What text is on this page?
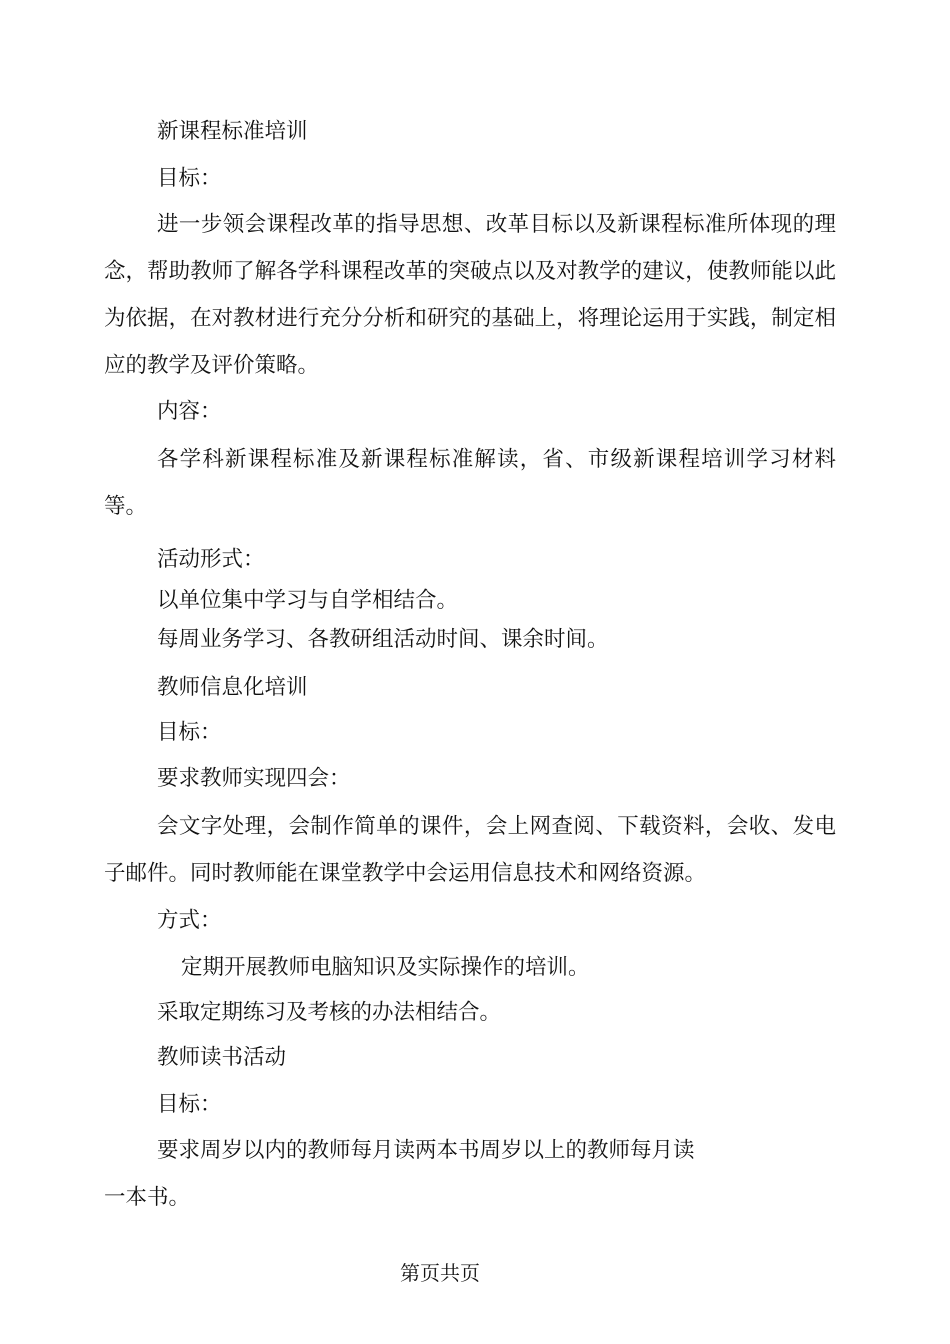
新课程标准培训

目标：

进一步领会课程改革的指导思想、改革目标以及新课程标准所体现的理念，帮助教师了解各学科课程改革的突破点以及对教学的建议，使教师能以此为依据，在对教材进行充分分析和研究的基础上，将理论运用于实践，制定相应的教学及评价策略。

内容：

各学科新课程标准及新课程标准解读，省、市级新课程培训学习材料等。

活动形式：

以单位集中学习与自学相结合。

每周业务学习、各教研组活动时间、课余时间。

教师信息化培训

目标：

要求教师实现四会：

会文字处理，会制作简单的课件，会上网查阅、下载资料，会收、发电子邮件。同时教师能在课堂教学中会运用信息技术和网络资源。

方式：

定期开展教师电脑知识及实际操作的培训。

采取定期练习及考核的办法相结合。

教师读书活动

目标：

要求周岁以内的教师每月读两本书周岁以上的教师每月读

一本书。

第页共页
